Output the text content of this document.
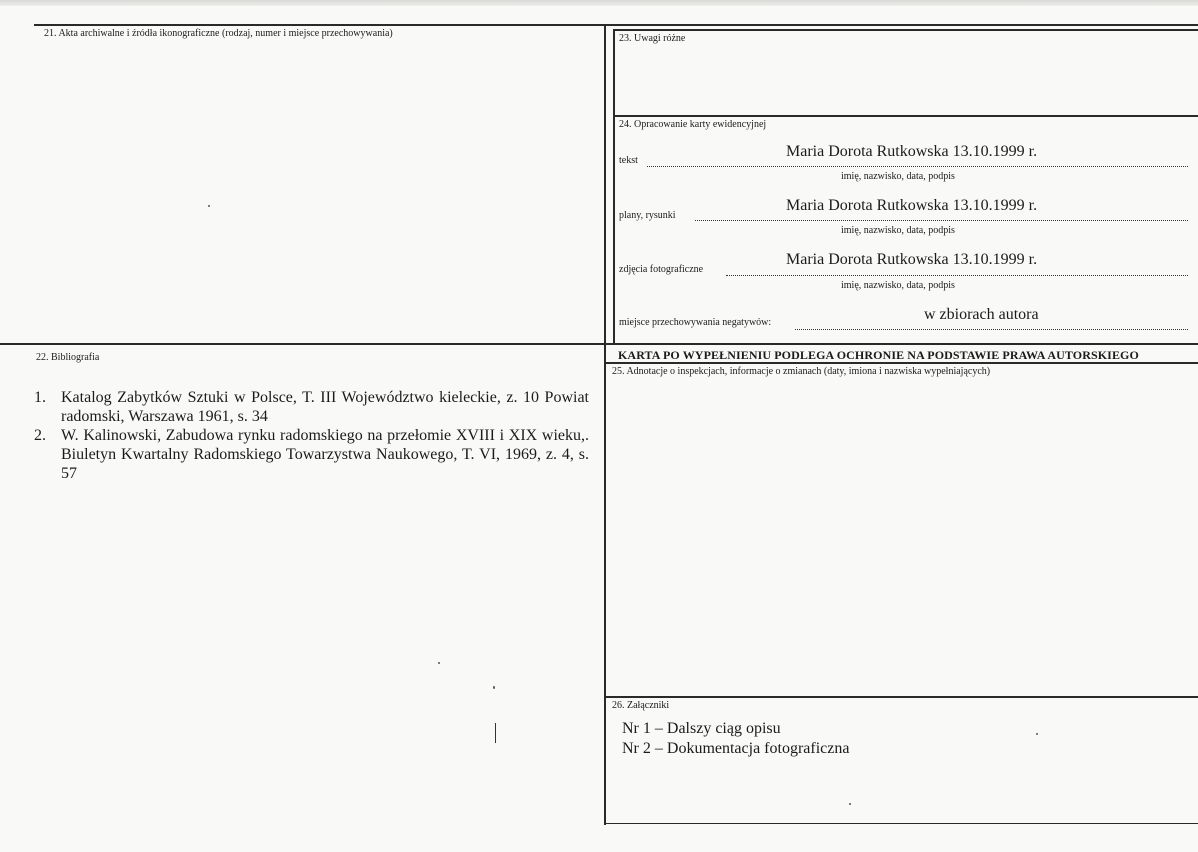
21. Akta archiwalne i źródła ikonograficzne (rodzaj, numer i miejsce przechowywania)	23. Uwagi różne
24. Opracowanie karty ewidencyjnej
tekst
Maria Dorota Rutkowska 13.10.1999 r.
imię, nazwisko, data, podpis
plany, rysunki
Maria Dorota Rutkowska 13.10.1999 r.
imię, nazwisko, data, podpis
zdjęcia fotograficzne
Maria Dorota Rutkowska 13.10.1999 r.
imię, nazwisko, data, podpis
miejsce przechowywania negatywów:	w zbiorach autora
KARTA PO WYPEŁNIENIU PODLEGA OCHRONIE NA PODSTAWIE PRAWA AUTORSKIEGO
22. Bibliografia
1. Katalog Zabytków Sztuki w Polsce, T. III Województwo kieleckie, z. 10 Powiat radomski, Warszawa 1961, s. 34
2. W. Kalinowski, Zabudowa rynku radomskiego na przełomie XVIII i XIX wieku,. Biuletyn Kwartalny Radomskiego Towarzystwa Naukowego, T. VI, 1969, z. 4, s. 57
25. Adnotacje o inspekcjach, informacje o zmianach (daty, imiona i nazwiska wypełniających)
26. Załączniki
Nr 1 – Dalszy ciąg opisu
Nr 2 – Dokumentacja fotograficzna
